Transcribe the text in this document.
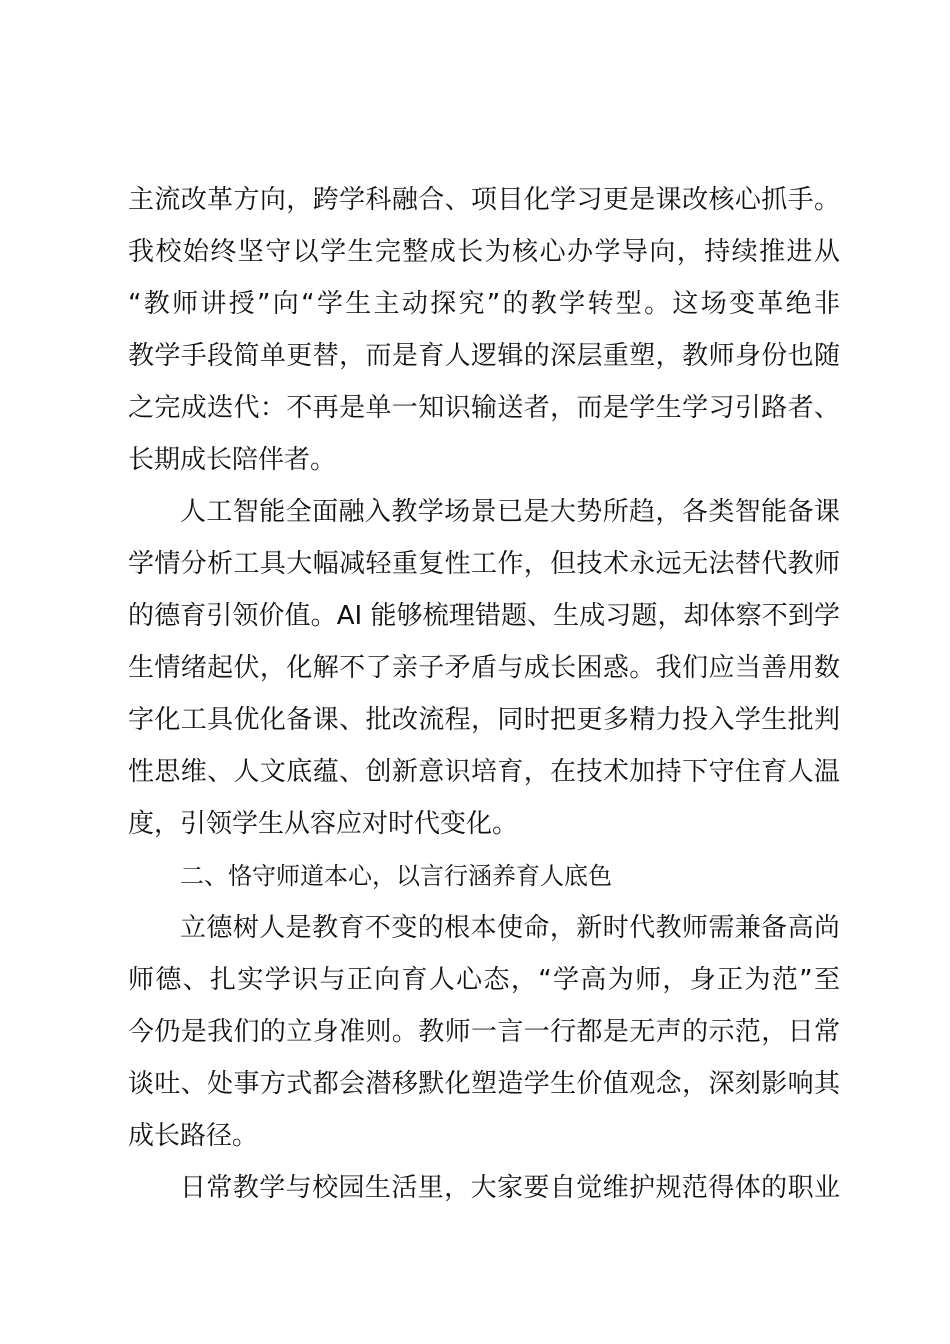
主流改革方向，跨学科融合、项目化学习更是课改核心抓手。
我校始终坚守以学生完整成长为核心办学导向，持续推进从
“教师讲授”向“学生主动探究”的教学转型。这场变革绝非
教学手段简单更替，而是育人逻辑的深层重塑，教师身份也随
之完成迭代：不再是单一知识输送者，而是学生学习引路者、
长期成长陪伴者。
人工智能全面融入教学场景已是大势所趋，各类智能备课
学情分析工具大幅减轻重复性工作，但技术永远无法替代教师
的德育引领价值。AI 能够梳理错题、生成习题，却体察不到学
生情绪起伏，化解不了亲子矛盾与成长困惑。我们应当善用数
字化工具优化备课、批改流程，同时把更多精力投入学生批判
性思维、人文底蕴、创新意识培育，在技术加持下守住育人温
度，引领学生从容应对时代变化。
二、恪守师道本心，以言行涵养育人底色
立德树人是教育不变的根本使命，新时代教师需兼备高尚
师德、扎实学识与正向育人心态，“学高为师，身正为范”至
今仍是我们的立身准则。教师一言一行都是无声的示范，日常
谈吐、处事方式都会潜移默化塑造学生价值观念，深刻影响其
成长路径。
日常教学与校园生活里，大家要自觉维护规范得体的职业
